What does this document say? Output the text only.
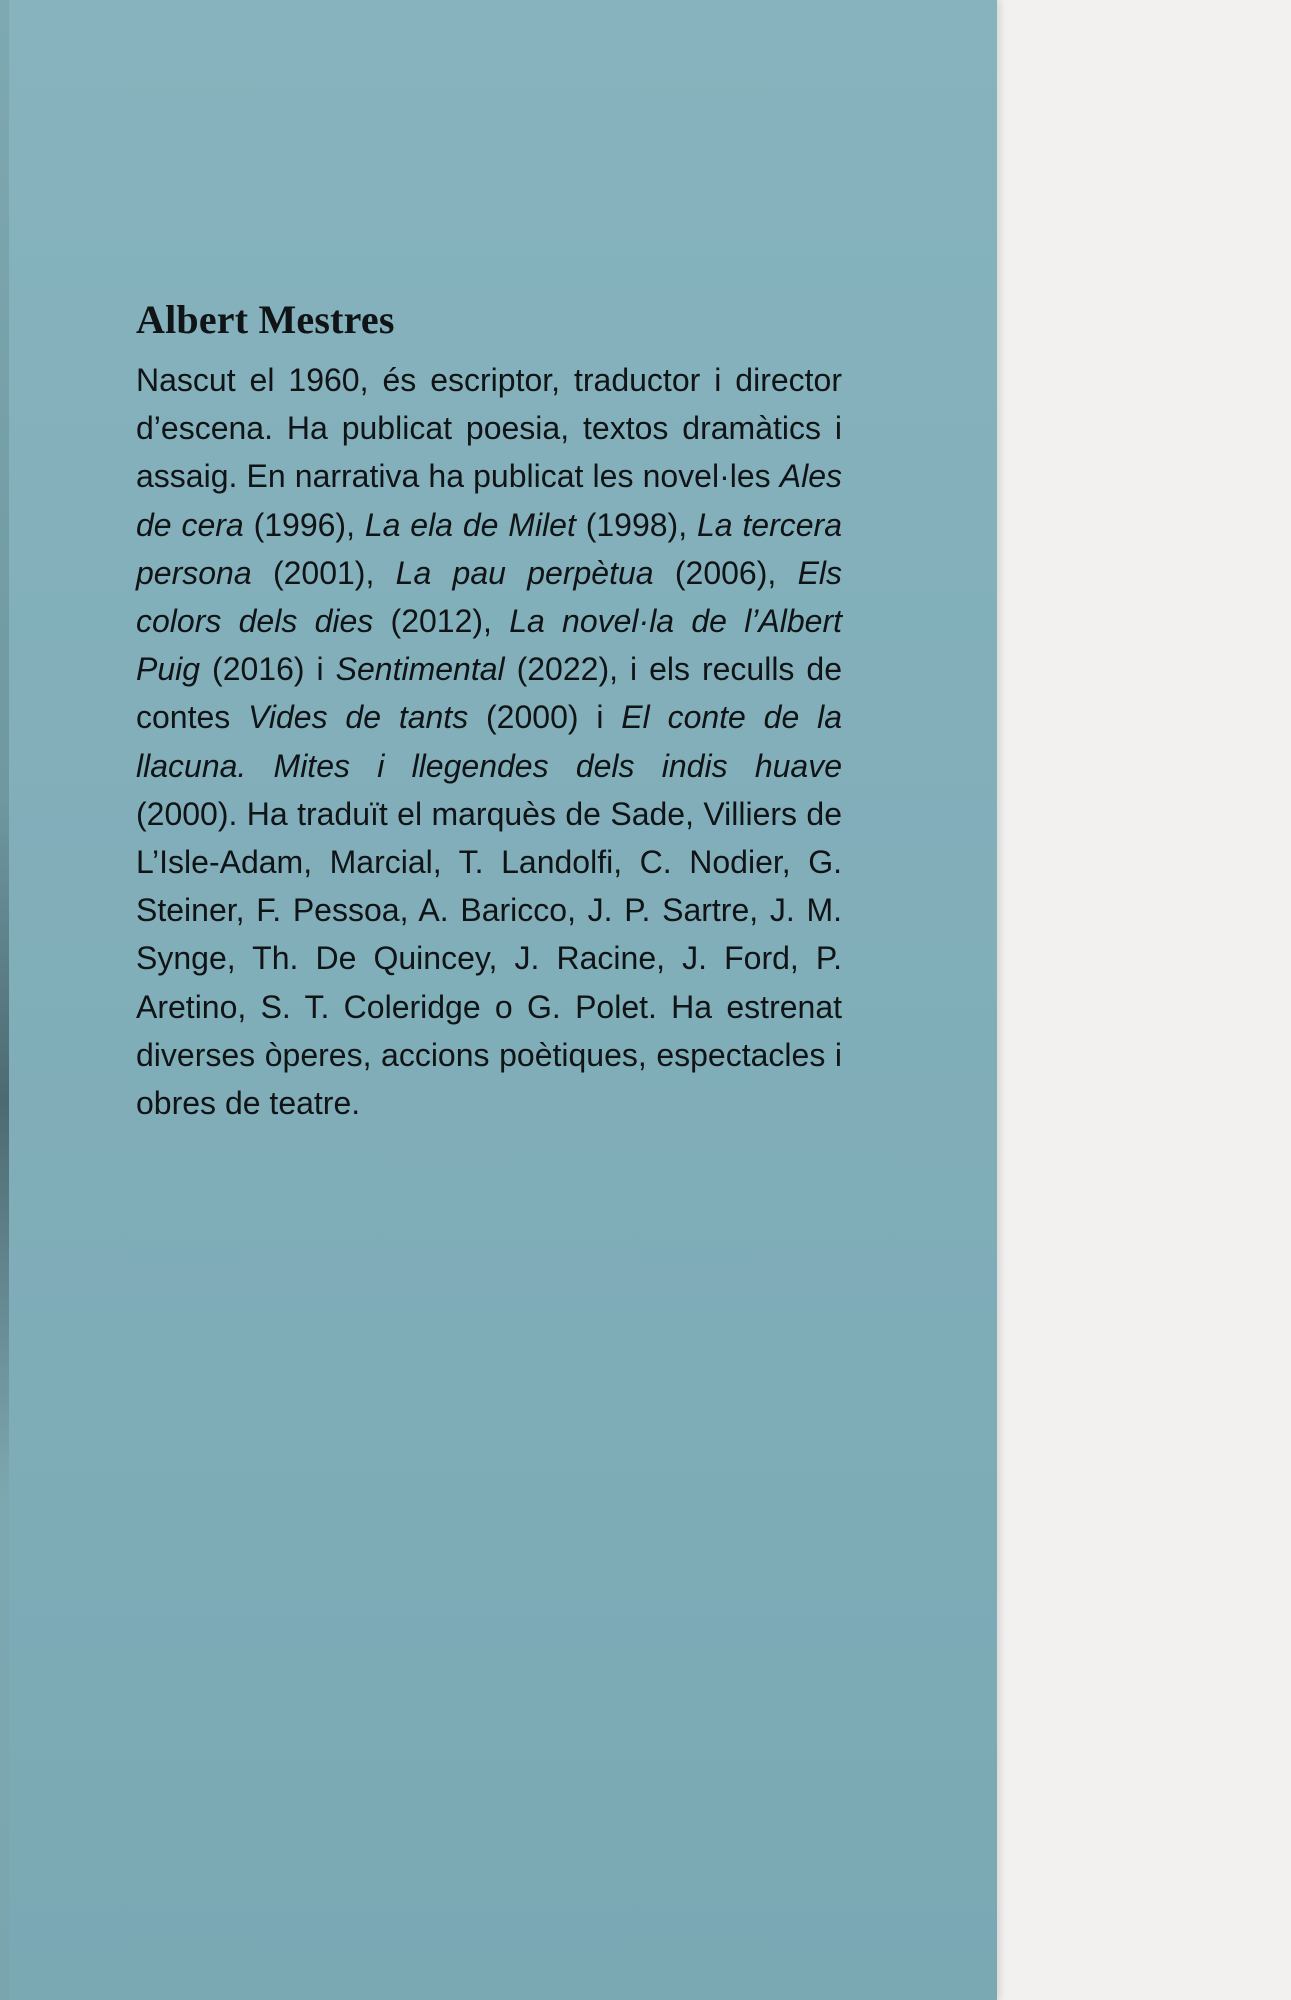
Albert Mestres

Nascut el 1960, és escriptor, traductor i director d’escena. Ha publicat poesia, textos dramàtics i assaig. En narrativa ha publicat les novel·les Ales de cera (1996), La ela de Milet (1998), La tercera persona (2001), La pau perpètua (2006), Els colors dels dies (2012), La novel·la de l’Albert Puig (2016) i Sentimental (2022), i els reculls de contes Vides de tants (2000) i El conte de la llacuna. Mites i llegendes dels indis huave (2000). Ha traduït el marquès de Sade, Villiers de L’Isle-Adam, Marcial, T. Landolfi, C. Nodier, G. Steiner, F. Pessoa, A. Baricco, J. P. Sartre, J. M. Synge, Th. De Quincey, J. Racine, J. Ford, P. Aretino, S. T. Coleridge o G. Polet. Ha estrenat diverses òperes, accions poètiques, espectacles i obres de teatre.
